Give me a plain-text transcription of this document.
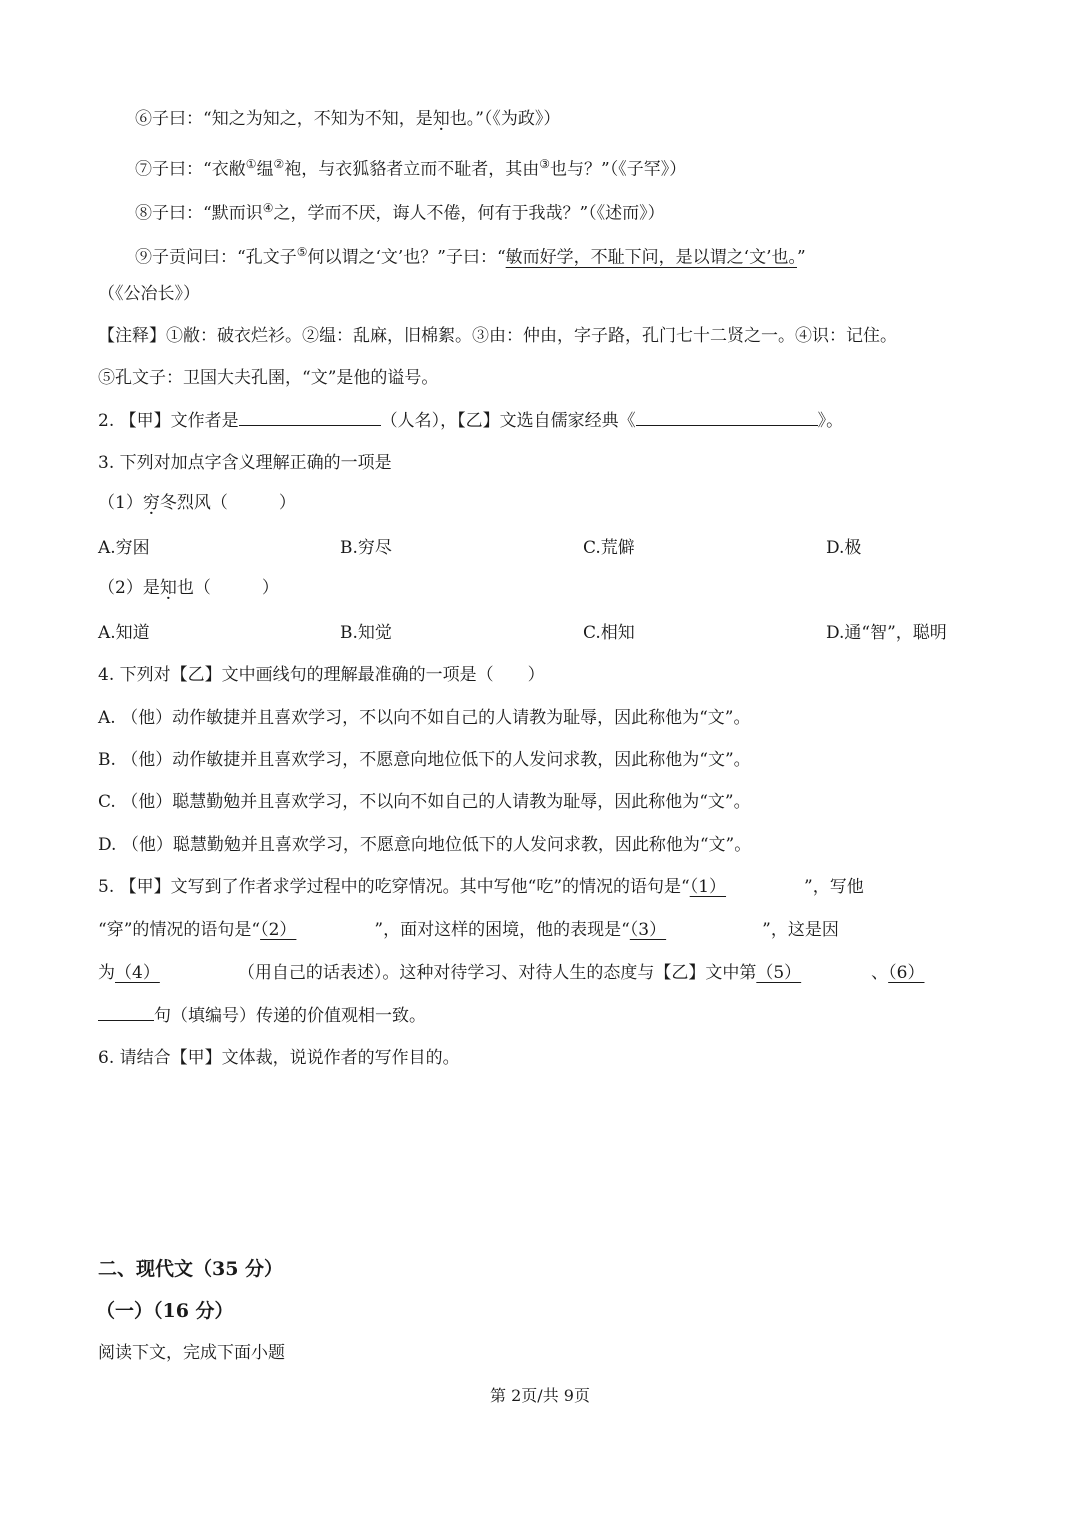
⑥子曰：“知之为知之，不知为不知，是知也。”（《为政》）
⑦子曰：“衣敝①缊②袍，与衣狐貉者立而不耻者，其由③也与？”（《子罕》）
⑧子曰：“默而识④之，学而不厌，诲人不倦，何有于我哉？”（《述而》）
⑨子贡问曰：“孔文子⑤何以谓之‘文’也？”子曰：“敏而好学，不耻下问，是以谓之‘文’也。”
（《公冶长》）
【注释】①敝：破衣烂衫。②缊：乱麻，旧棉絮。③由：仲由，字子路，孔门七十二贤之一。④识：记住。
⑤孔文子：卫国大夫孔圉，“文”是他的谥号。
2. 【甲】文作者是	（人名），【乙】文选自儒家经典《	》。
3. 下列对加点字含义理解正确的一项是
（1）穷冬烈风（　　　）
A.穷困	B.穷尽	C.荒僻	D.极
（2）是知也（　　　）
A.知道	B.知觉	C.相知	D.通“智”，聪明
4. 下列对【乙】文中画线句的理解最准确的一项是（　　）
A. （他）动作敏捷并且喜欢学习，不以向不如自己的人请教为耻辱，因此称他为“文”。
B. （他）动作敏捷并且喜欢学习，不愿意向地位低下的人发问求教，因此称他为“文”。
C. （他）聪慧勤勉并且喜欢学习，不以向不如自己的人请教为耻辱，因此称他为“文”。
D. （他）聪慧勤勉并且喜欢学习，不愿意向地位低下的人发问求教，因此称他为“文”。
5. 【甲】文写到了作者求学过程中的吃穿情况。其中写他“吃”的情况的语句是“（1）	”，写他
“穿”的情况的语句是“（2）	”，面对这样的困境，他的表现是“（3）	”，这是因
为（4）	（用自己的话表述）。这种对待学习、对待人生的态度与【乙】文中第（5）	、（6）
句（填编号）传递的价值观相一致。
6. 请结合【甲】文体裁，说说作者的写作目的。
二、现代文（35 分）
（一）（16 分）
阅读下文，完成下面小题
第 2页/共 9页
